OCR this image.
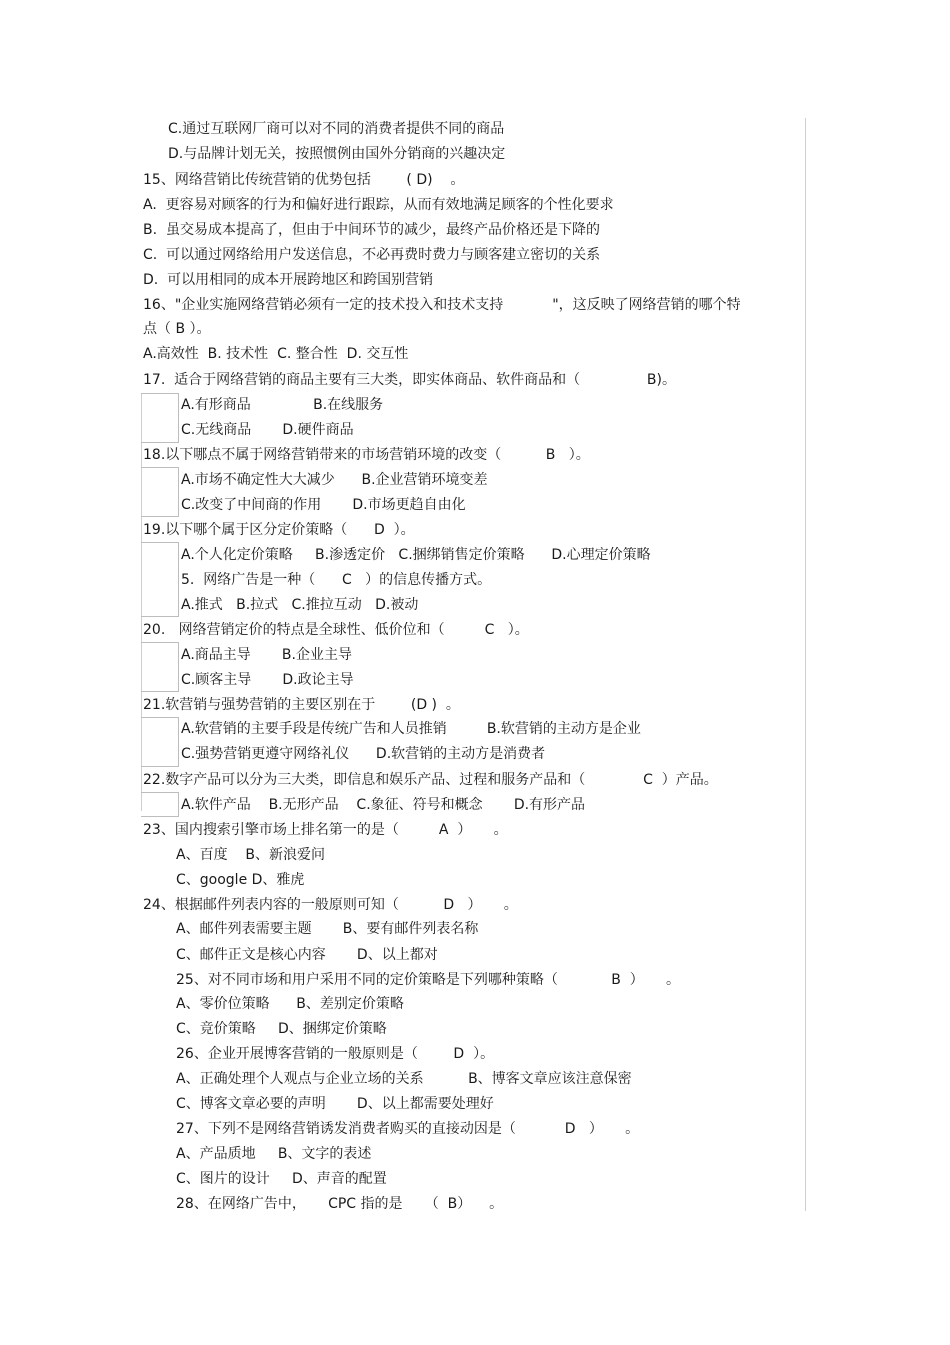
C.通过互联网厂商可以对不同的消费者提供不同的商品
D.与品牌计划无关，按照惯例由国外分销商的兴趣决定
15、网络营销比传统营销的优势包括        ( D)    。
A.  更容易对顾客的行为和偏好进行跟踪，从而有效地满足顾客的个性化要求
B.  虽交易成本提高了，但由于中间环节的减少，最终产品价格还是下降的
C.  可以通过网络给用户发送信息，不必再费时费力与顾客建立密切的关系
D.  可以用相同的成本开展跨地区和跨国别营销
16、"企业实施网络营销必须有一定的技术投入和技术支持           "，这反映了网络营销的哪个特
点（ B ）。
A.高效性  B. 技术性  C. 整合性  D. 交互性
17.  适合于网络营销的商品主要有三大类，即实体商品、软件商品和（               B)。
A.有形商品              B.在线服务
C.无线商品       D.硬件商品
18.以下哪点不属于网络营销带来的市场营销环境的改变（          B   ）。
A.市场不确定性大大减少      B.企业营销环境变差
C.改变了中间商的作用       D.市场更趋自由化
19.以下哪个属于区分定价策略（      D  ）。
A.个人化定价策略     B.渗透定价   C.捆绑销售定价策略      D.心理定价策略
5.  网络广告是一种（      C   ）的信息传播方式。
A.推式   B.拉式   C.推拉互动   D.被动
20.   网络营销定价的特点是全球性、低价位和（         C   ）。
A.商品主导       B.企业主导
C.顾客主导       D.政论主导
21.软营销与强势营销的主要区别在于        (D )  。
A.软营销的主要手段是传统广告和人员推销         B.软营销的主动方是企业
C.强势营销更遵守网络礼仪      D.软营销的主动方是消费者
22.数字产品可以分为三大类，即信息和娱乐产品、过程和服务产品和（             C  ）产品。
A.软件产品    B.无形产品    C.象征、符号和概念       D.有形产品
23、国内搜索引擎市场上排名第一的是（         A  ）     。
A、百度    B、新浪爱问
C、google D、雅虎
24、根据邮件列表内容的一般原则可知（          D   ）     。
A、邮件列表需要主题       B、要有邮件列表名称
C、邮件正文是核心内容       D、以上都对
25、对不同市场和用户采用不同的定价策略是下列哪种策略（            B  ）     。
A、零价位策略      B、差别定价策略
C、竞价策略     D、捆绑定价策略
26、企业开展博客营销的一般原则是（        D  ）。
A、正确处理个人观点与企业立场的关系          B、博客文章应该注意保密
C、博客文章必要的声明       D、以上都需要处理好
27、下列不是网络营销诱发消费者购买的直接动因是（           D   ）     。
A、产品质地     B、文字的表述
C、图片的设计     D、声音的配置
28、在网络广告中，     CPC 指的是     （  B）    。
